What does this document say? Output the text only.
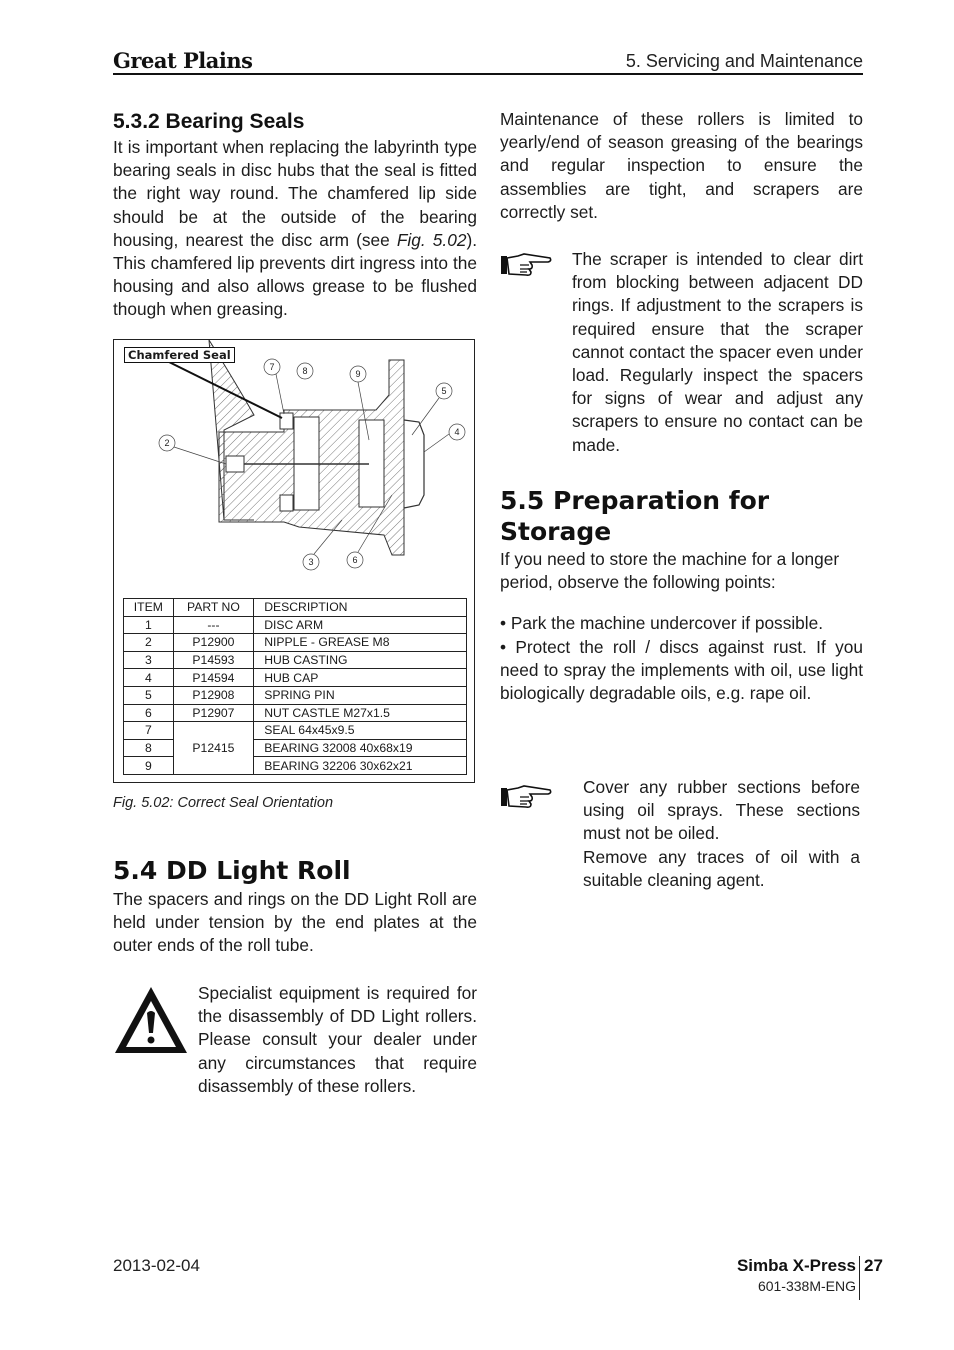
Great Plains	5. Servicing and Maintenance
5.3.2 Bearing Seals

It is important when replacing the labyrinth type bearing seals in disc hubs that the seal is fitted the right way round. The chamfered lip side should be at the outside of the bearing housing, nearest the disc arm (see Fig. 5.02). This chamfered lip prevents dirt ingress into the housing and also allows grease to be flushed though when greasing.

7	8	9
5
4
2
3	6
Chamfered Seal
ITEM	PART NO	DESCRIPTION
1	---	DISC ARM
2	P12900	NIPPLE - GREASE M8
3	P14593	HUB CASTING
4	P14594	HUB CAP
5	P12908	SPRING PIN
6	P12907	NUT CASTLE M27x1.5
7	P12415	SEAL 64x45x9.5
8		BEARING 32008 40x68x19
9		BEARING 32206 30x62x21
Fig. 5.02: Correct Seal Orientation
5.4 DD Light Roll

The spacers and rings on the DD Light Roll are held under tension by the end plates at the outer ends of the roll tube.

Specialist equipment is required for the disassembly of DD Light rollers. Please consult your dealer under any circumstances that require disassembly of these rollers.

Maintenance of these rollers is limited to yearly/end of season greasing of the bearings and regular inspection to ensure the assemblies are tight, and scrapers are correctly set.

The scraper is intended to clear dirt from blocking between adjacent DD rings. If adjustment to the scrapers is required ensure that the scraper cannot contact the spacer even under load. Regularly inspect the spacers for signs of wear and adjust any scrapers to ensure no contact can be made.

5.5 Preparation for
Storage

If you need to store the machine for a longer period, observe the following points:

• Park the machine undercover if possible.

• Protect the roll / discs against rust. If you need to spray the implements with oil, use light biologically degradable oils, e.g. rape oil.

Cover any rubber sections before using oil sprays. These sections must not be oiled.

Remove any traces of oil with a suitable cleaning agent.

2013-02-04	Simba X-Press
601-338M-ENG
27
